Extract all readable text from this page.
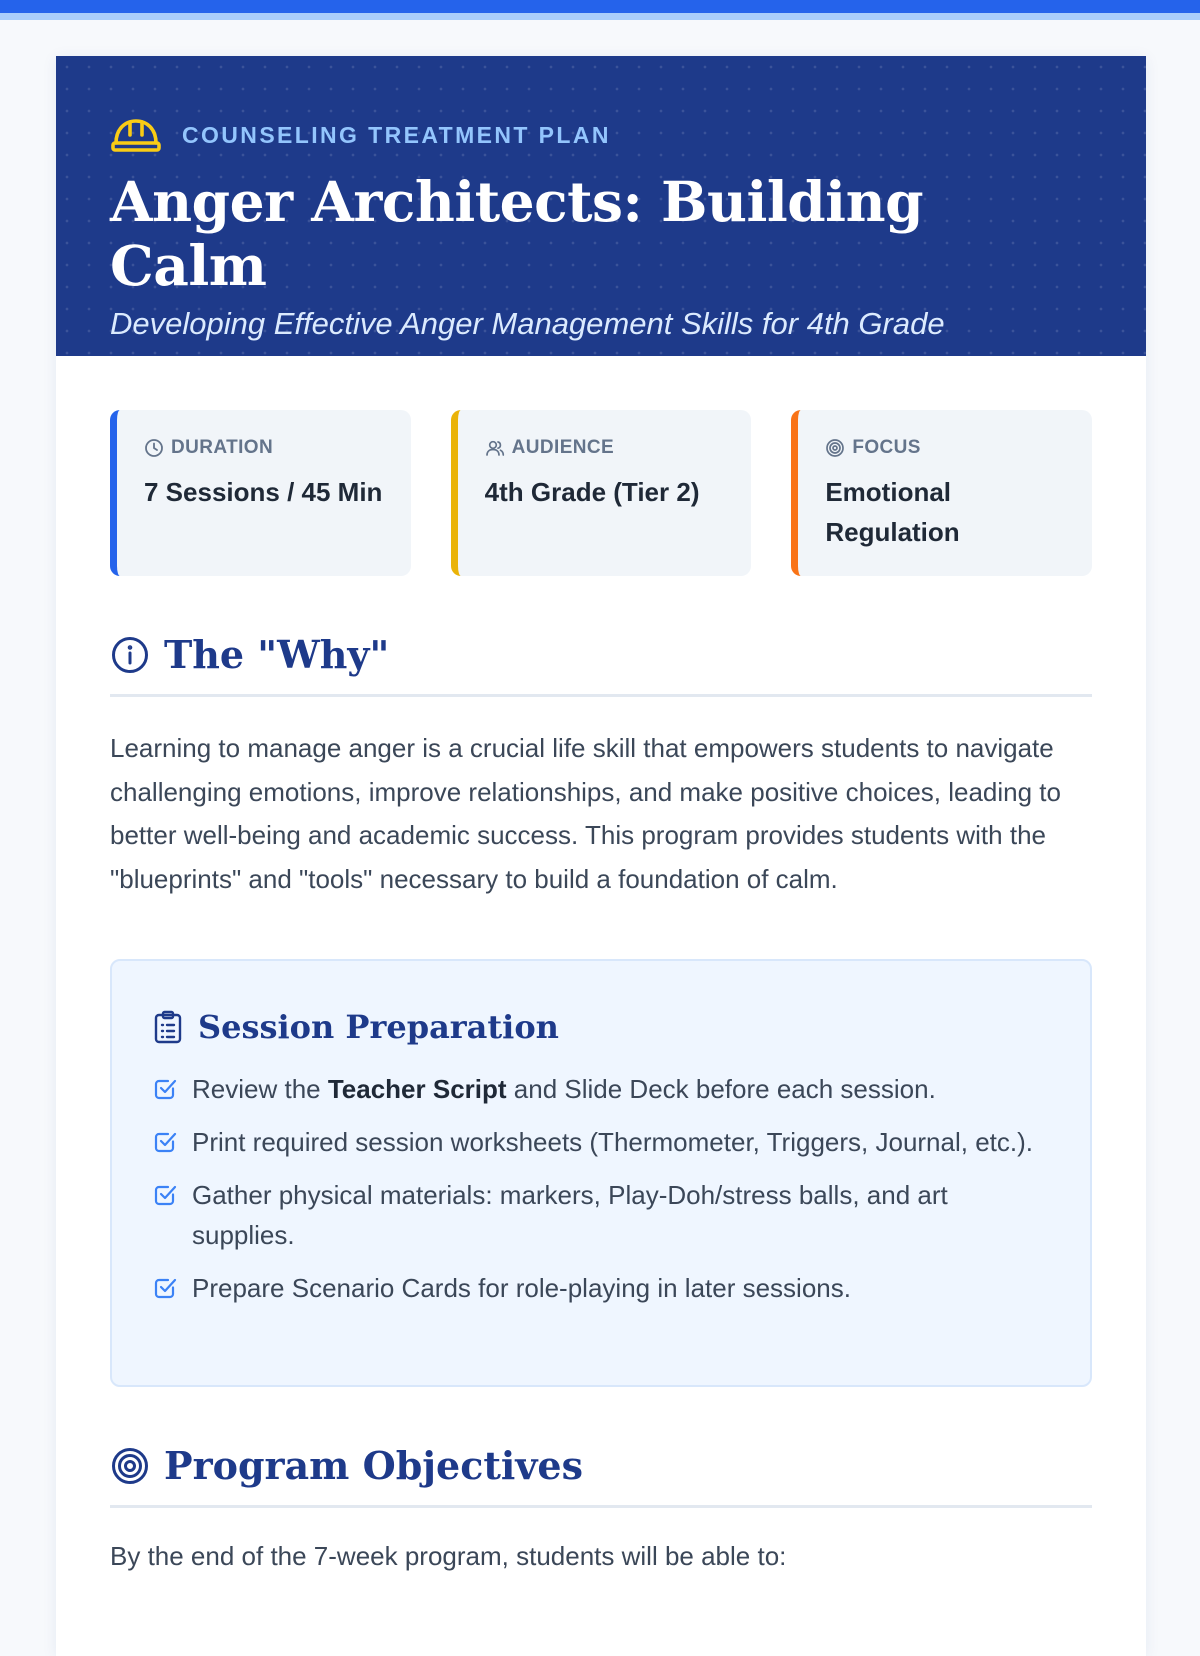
COUNSELING TREATMENT PLAN
Anger Architects: Building Calm
Developing Effective Anger Management Skills for 4th Grade
DURATION
7 Sessions / 45 Min
AUDIENCE
4th Grade (Tier 2)
FOCUS
Emotional Regulation
The "Why"

Learning to manage anger is a crucial life skill that empowers students to navigate challenging emotions, improve relationships, and make positive choices, leading to better well-being and academic success. This program provides students with the "blueprints" and "tools" necessary to build a foundation of calm.

Session Preparation
Review the Teacher Script and Slide Deck before each session.
Print required session worksheets (Thermometer, Triggers, Journal, etc.).
Gather physical materials: markers, Play-Doh/stress balls, and art supplies.
Prepare Scenario Cards for role-playing in later sessions.
Program Objectives

By the end of the 7-week program, students will be able to:
